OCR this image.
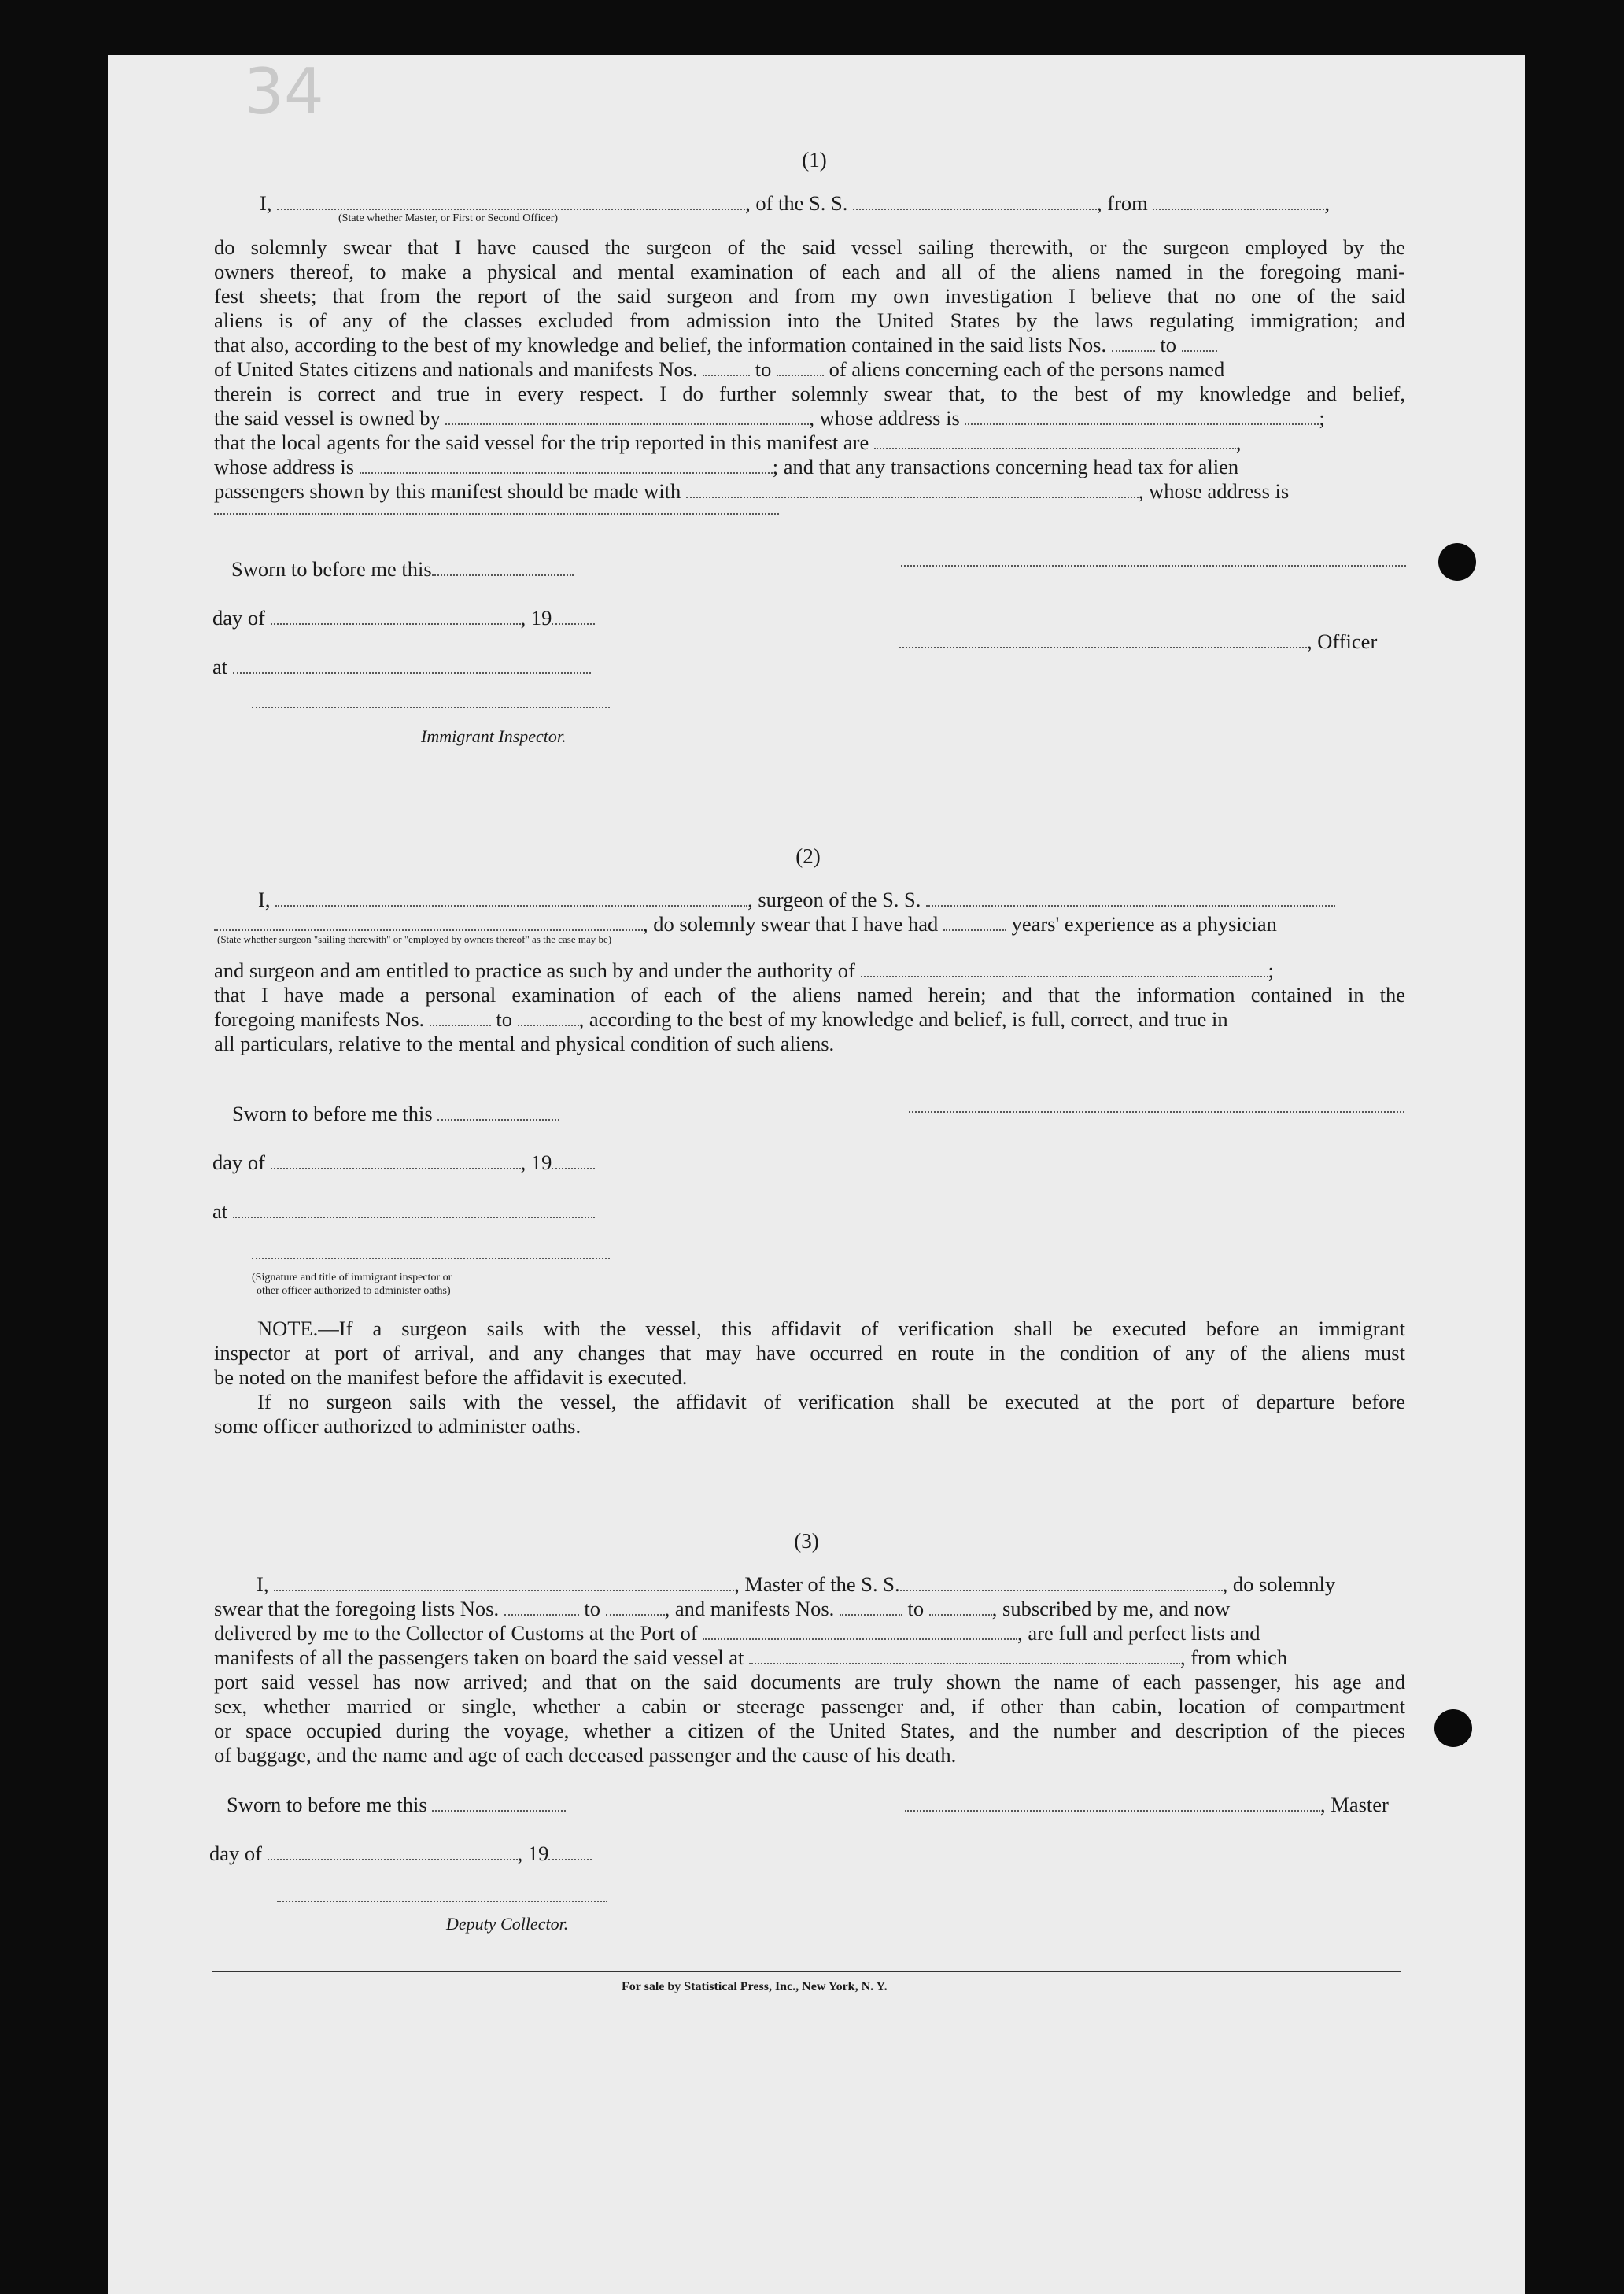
34
(1)
I,	, of the S. S.	, from	,
(State whether Master, or First or Second Officer)
do solemnly swear that I have caused the surgeon of the said vessel sailing therewith, or the surgeon employed by the
owners thereof, to make a physical and mental examination of each and all of the aliens named in the foregoing mani-
fest sheets; that from the report of the said surgeon and from my own investigation I believe that no one of the said
aliens is of any of the classes excluded from admission into the United States by the laws regulating immigration; and
that also, according to the best of my knowledge and belief, the information contained in the said lists Nos.	to
of United States citizens and nationals and manifests Nos.	to	of aliens concerning each of the persons named
therein is correct and true in every respect. I do further solemnly swear that, to the best of my knowledge and belief,
the said vessel is owned by	, whose address is	;
that the local agents for the said vessel for the trip reported in this manifest are	,
whose address is	; and that any transactions concerning head tax for alien
passengers shown by this manifest should be made with	, whose address is
Sworn to before me this
day of	, 19
at
Immigrant Inspector.
, Officer
(2)
I,	, surgeon of the S. S.
, do solemnly swear that I have had	years' experience as a physician
(State whether surgeon "sailing therewith" or "employed by owners thereof" as the case may be)
and surgeon and am entitled to practice as such by and under the authority of	;
that I have made a personal examination of each of the aliens named herein; and that the information contained in the
foregoing manifests Nos.	to	, according to the best of my knowledge and belief, is full, correct, and true in
all particulars, relative to the mental and physical condition of such aliens.
Sworn to before me this
day of	, 19
at
(Signature and title of immigrant inspector or
other officer authorized to administer oaths)
NOTE.—If a surgeon sails with the vessel, this affidavit of verification shall be executed before an immigrant
inspector at port of arrival, and any changes that may have occurred en route in the condition of any of the aliens must
be noted on the manifest before the affidavit is executed.
If no surgeon sails with the vessel, the affidavit of verification shall be executed at the port of departure before
some officer authorized to administer oaths.
(3)
I,	, Master of the S. S.	, do solemnly
swear that the foregoing lists Nos.	to	, and manifests Nos.	to	, subscribed by me, and now
delivered by me to the Collector of Customs at the Port of	, are full and perfect lists and
manifests of all the passengers taken on board the said vessel at	, from which
port said vessel has now arrived; and that on the said documents are truly shown the name of each passenger, his age and
sex, whether married or single, whether a cabin or steerage passenger and, if other than cabin, location of compartment
or space occupied during the voyage, whether a citizen of the United States, and the number and description of the pieces
of baggage, and the name and age of each deceased passenger and the cause of his death.
Sworn to before me this	, Master
day of	, 19
Deputy Collector.
For sale by Statistical Press, Inc., New York, N. Y.
